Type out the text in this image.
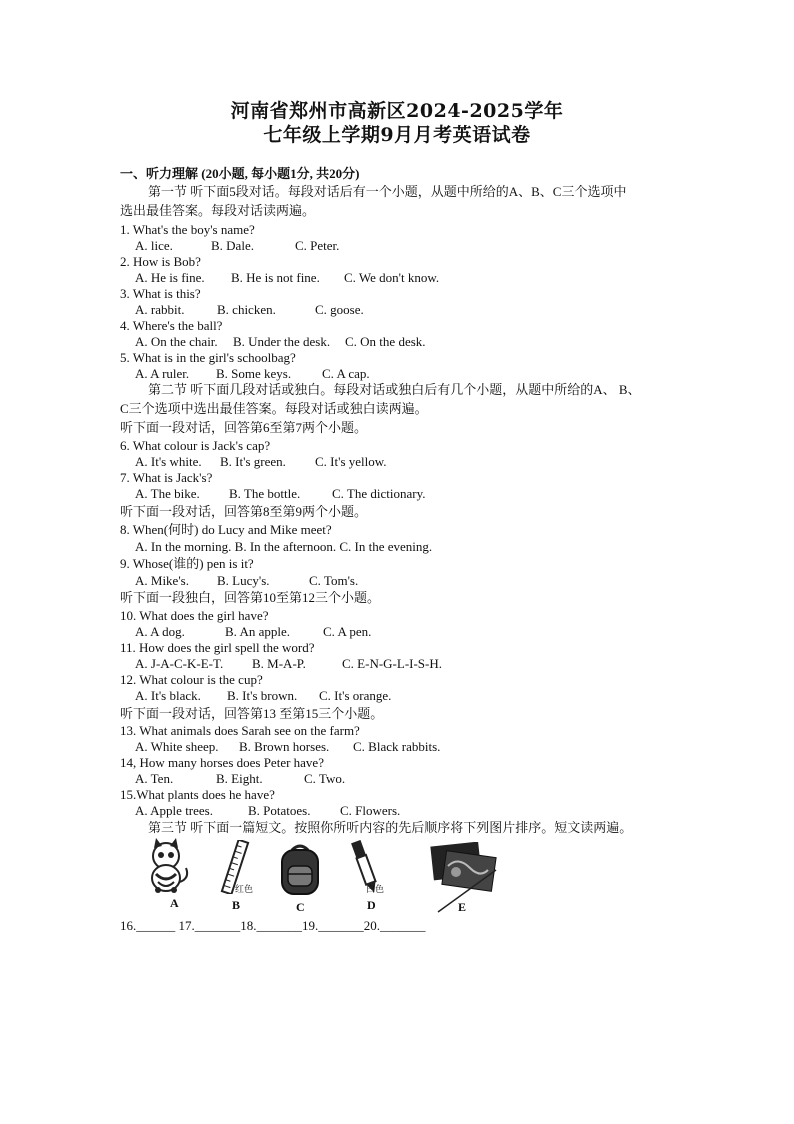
河南省郑州市高新区2024-2025学年
七年级上学期9月月考英语试卷
一、听力理解 (20小题, 每小题1分, 共20分)
第一节 听下面5段对话。每段对话后有一个小题，从题中所给的A、B、C三个选项中
选出最佳答案。每段对话读两遍。
1. What's the boy's name?
A. lice.	B. Dale.	C. Peter.
2. How is Bob?
A. He is fine. B. He is not fine. C. We don't know.
3. What is this?
A. rabbit.	B. chicken.	C. goose.
4. Where's the ball?
A. On the chair. B. Under the desk. C. On the desk.
5. What is in the girl's schoolbag?
A. A ruler. B. Some keys. C. A cap.
第二节 听下面几段对话或独白。每段对话或独白后有几个小题，从题中所给的A、 B、
C三个选项中选出最佳答案。每段对话或独白读两遍。
听下面一段对话，回答第6至第7两个小题。
6. What colour is Jack's cap?
A. It's white. B. It's green. C. It's yellow.
7. What is Jack's?
A. The bike. B. The bottle. C. The dictionary.
听下面一段对话，回答第8至第9两个小题。
8. When(何时) do Lucy and Mike meet?
A. In the morning. B. In the afternoon. C. In the evening.
9. Whose(谁的) pen is it?
A. Mike's. B. Lucy's.	C. Tom's.
听下面一段独白，回答第10至第12三个小题。
10. What does the girl have?
A. A dog.	B. An apple.	C. A pen.
11. How does the girl spell the word?
A. J-A-C-K-E-T. B. M-A-P.	C. E-N-G-L-I-S-H.
12. What colour is the cup?
A. It's black. B. It's brown. C. It's orange.
听下面一段对话，回答第13 至第15三个小题。
13. What animals does Sarah see on the farm?
A. White sheep. B. Brown horses. C. Black rabbits.
14, How many horses does Peter have?
A. Ten.	B. Eight.	C. Two.
15.What plants does he have?
A. Apple trees.	B. Potatoes. C. Flowers.
第三节 听下面一篇短文。按照你所听内容的先后顺序将下列图片排序。短文读两遍。
A
红色
B	C
白色
D	E
16.______ 17._______18._______19._______20._______
